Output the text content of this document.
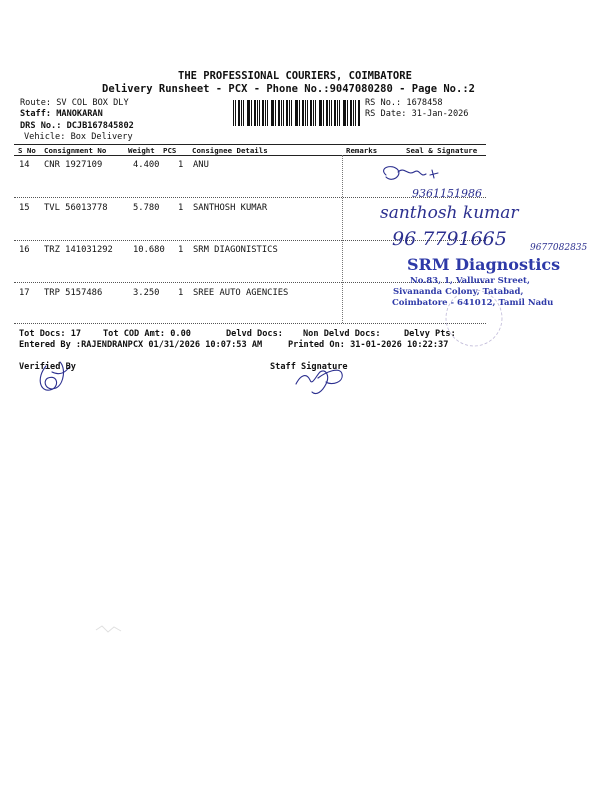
THE PROFESSIONAL COURIERS, COIMBATORE
Delivery Runsheet - PCX - Phone No.:9047080280 - Page No.:2
Route: SV COL BOX DLY
Staff: MANOKARAN
DRS No.: DCJB167845802
Vehicle: Box Delivery
RS No.: 1678458
RS Date: 31-Jan-2026
S No Consignment No	Weight PCS Consignee Details	Remarks	Seal & Signature
14 CNR 1927109	4.400 1 ANU
15 TVL 56013778	5.780 1 SANTHOSH KUMAR
16 TRZ 141031292 10.680 1 SRM DIAGONISTICS
17 TRP 5157486	3.250 1 SREE AUTO AGENCIES
9361151986
santhosh kumar
96 7791665	9677082835
SRM Diagnostics
No.83, 1, Valluvar Street,
Sivananda Colony, Tatabad,
Coimbatore - 641012, Tamil Nadu
Tot Docs: 17	Tot COD Amt: 0.00	Delvd Docs: Non Delvd Docs:	Delvy Pts:
Entered By :RAJENDRANPCX 01/31/2026 10:07:53 AM	Printed On: 31-01-2026 10:22:37
Verified By	Staff Signature
